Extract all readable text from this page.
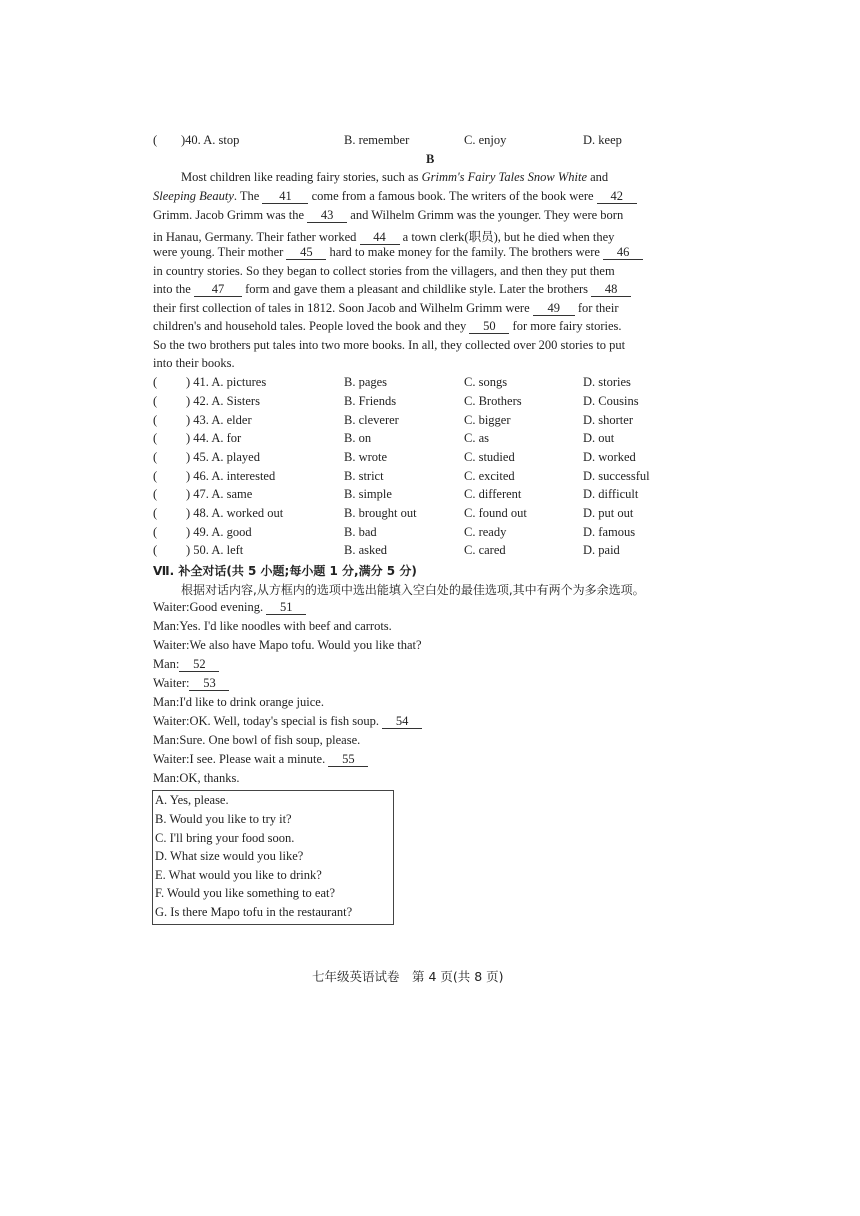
( )40. A. stop	B. remember	C. enjoy	D. keep
B
Most children like reading fairy stories, such as Grimm's Fairy Tales Snow White and
Sleeping Beauty. The 41 come from a famous book. The writers of the book were 42
Grimm. Jacob Grimm was the 43 and Wilhelm Grimm was the younger. They were born
in Hanau, Germany. Their father worked 44 a town clerk(职员), but he died when they
were young. Their mother 45 hard to make money for the family. The brothers were 46
in country stories. So they began to collect stories from the villagers, and then they put them
into the 47 form and gave them a pleasant and childlike style. Later the brothers 48
their first collection of tales in 1812. Soon Jacob and Wilhelm Grimm were 49 for their
children's and household tales. People loved the book and they 50 for more fairy stories.
So the two brothers put tales into two more books. In all, they collected over 200 stories to put
into their books.
( ) 41. A. pictures	B. pages	C. songs	D. stories
( ) 42. A. Sisters	B. Friends	C. Brothers	D. Cousins
( ) 43. A. elder	B. cleverer	C. bigger	D. shorter
( ) 44. A. for	B. on	C. as	D. out
( ) 45. A. played	B. wrote	C. studied	D. worked
( ) 46. A. interested	B. strict	C. excited	D. successful
( ) 47. A. same	B. simple	C. different	D. difficult
( ) 48. A. worked out	B. brought out	C. found out	D. put out
( ) 49. A. good	B. bad	C. ready	D. famous
( ) 50. A. left	B. asked	C. cared	D. paid
Ⅶ. 补全对话(共 5 小题;每小题 1 分,满分 5 分)
根据对话内容,从方框内的选项中选出能填入空白处的最佳选项,其中有两个为多余选项。
Waiter:Good evening. 51
Man:Yes. I'd like noodles with beef and carrots.
Waiter:We also have Mapo tofu. Would you like that?
Man: 52
Waiter: 53
Man:I'd like to drink orange juice.
Waiter:OK. Well, today's special is fish soup. 54
Man:Sure. One bowl of fish soup, please.
Waiter:I see. Please wait a minute. 55
Man:OK, thanks.
A. Yes, please.
B. Would you like to try it?
C. I'll bring your food soon.
D. What size would you like?
E. What would you like to drink?
F. Would you like something to eat?
G. Is there Mapo tofu in the restaurant?
七年级英语试卷　第 4 页(共 8 页)
